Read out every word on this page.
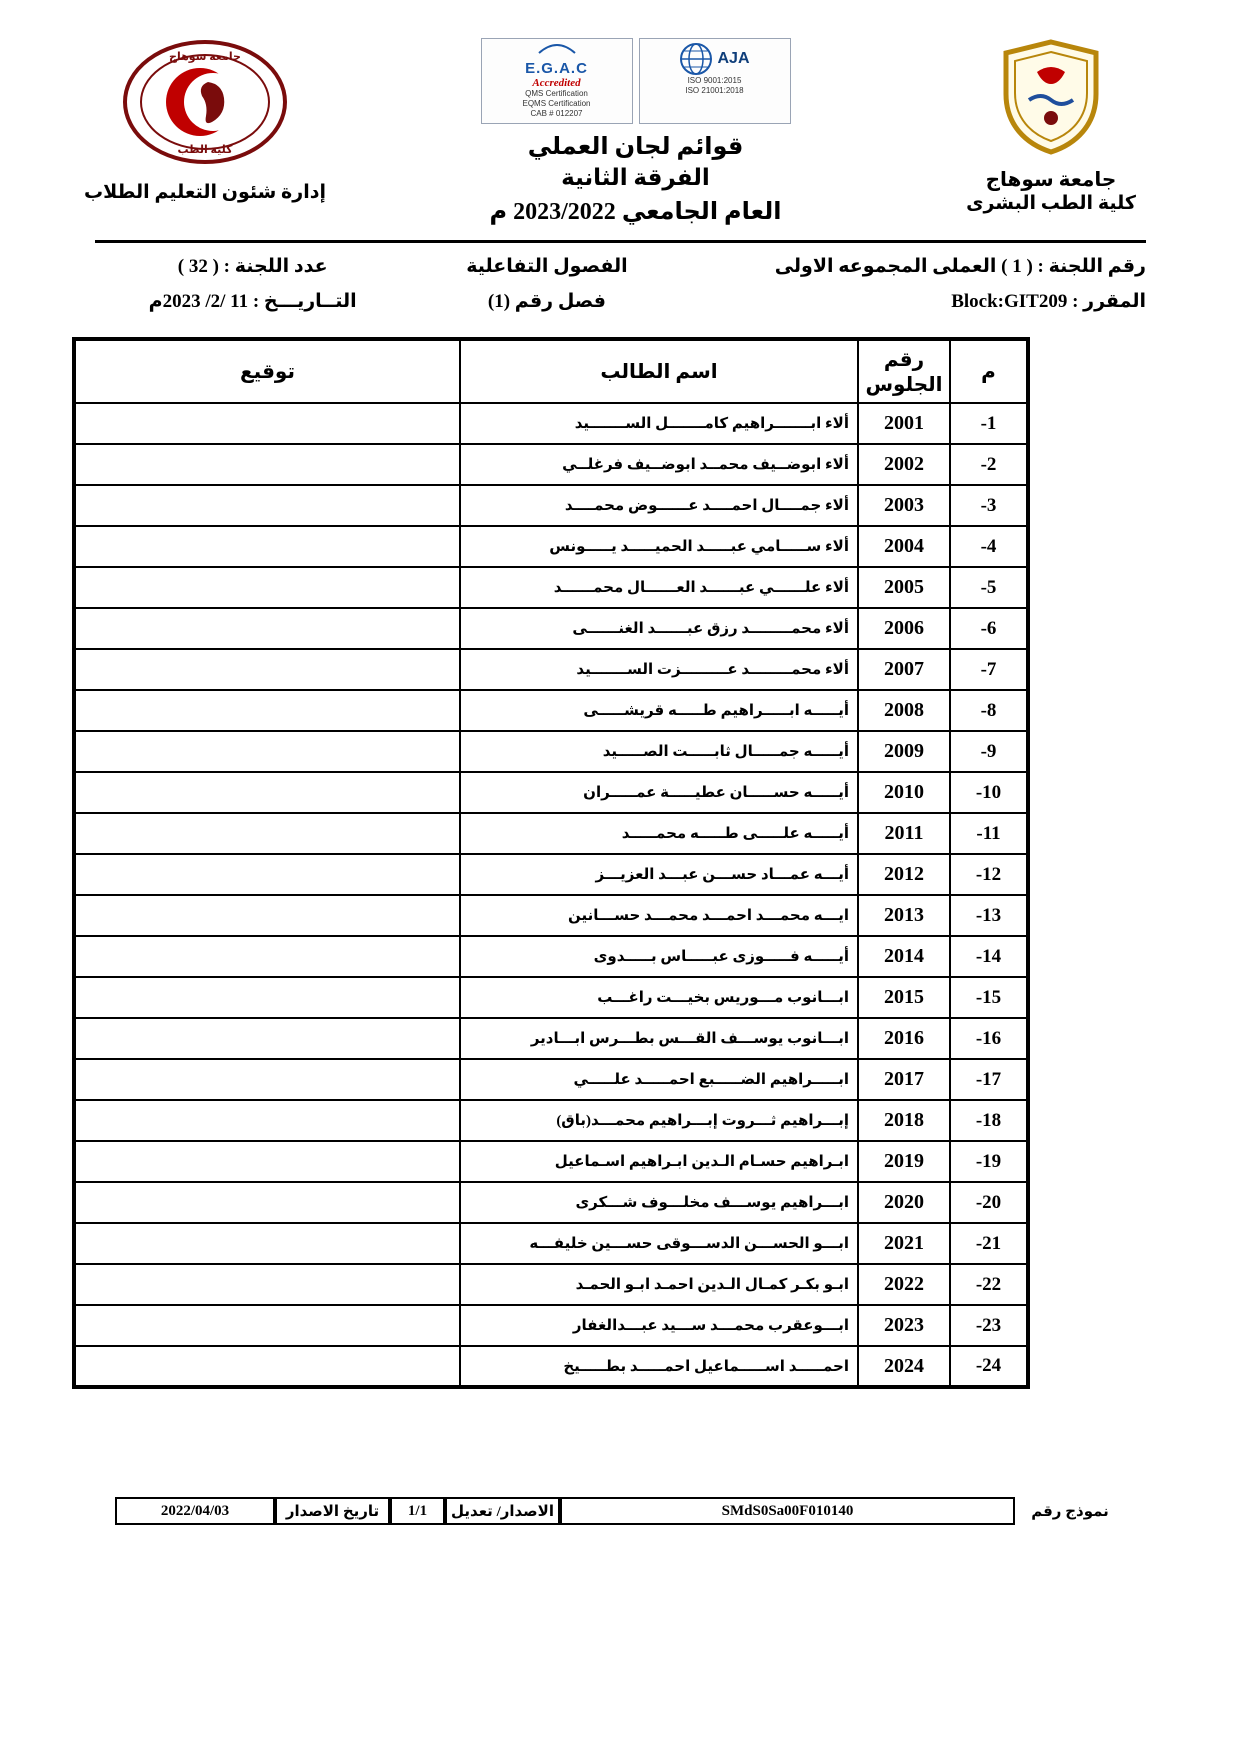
جامعة سوهاج
كلية الطب
إدارة شئون التعليم الطلاب
E.G.A.C
Accredited
QMS Certification
EQMS Certification
CAB # 012207
AJA
ISO 9001:2015
ISO 21001:2018
قوائم لجان العملي
الفرقة الثانية
العام الجامعي 2023/2022 م
جامعة سوهاج
كلية الطب البشرى
رقم اللجنة : ( 1 ) العملى المجموعه الاولى
الفصول التفاعلية
عدد اللجنة : ( 32 )
المقرر : Block:GIT209
فصل رقم (1)
التــاريـــخ : 11 /2/ 2023م
م	رقم الجلوس	اسم الطالب	توقيع
1-	2001	ألاء ابـــــــراهيم كامـــــــل الســـــــيد	
2-	2002	ألاء ابوضــيف محمــد ابوضــيف فرغلــي	
3-	2003	ألاء جمــــال احمــــد عــــــوض محمــــد	
4-	2004	ألاء ســـــامي عبـــــد الحميـــــد يـــــونس	
5-	2005	ألاء علــــــي عبــــــد العــــــال محمــــــد	
6-	2006	ألاء محمــــــــد رزق عبــــــد الغنــــــى	
7-	2007	ألاء محمــــــــد عـــــــــزت الســـــــيد	
8-	2008	أيـــــه ابـــــراهيم طـــــه قريشـــــى	
9-	2009	أيـــــه جمـــــال ثابـــــت الصـــــيد	
10-	2010	أيـــــه حســـــان عطيـــــة عمـــــران	
11-	2011	أيـــــه علـــــى طـــــه محمـــــد	
12-	2012	أيـــه عمـــاد حســـن عبـــد العزيـــز	
13-	2013	ايـــه محمـــد احمـــد محمـــد حســـانين	
14-	2014	أيـــــه فـــــوزى عبـــــاس بـــــدوى	
15-	2015	ابـــانوب مـــوريس بخيـــت راغـــب	
16-	2016	ابـــانوب يوســـف القـــس بطـــرس ابـــادير	
17-	2017	ابـــــراهيم الضـــــبع احمـــــد علـــــي	
18-	2018	إبـــراهيم ثـــروت إبـــراهيم محمـــد(باق)	
19-	2019	ابـراهيم حسـام الـدين ابـراهيم اسـماعيل	
20-	2020	ابـــراهيم يوســـف مخلـــوف شـــكرى	
21-	2021	ابـــو الحســـن الدســـوقى حســـين خليفـــه	
22-	2022	ابـو بكـر كمـال الـدين احمـد ابـو الحمـد	
23-	2023	ابـــوعقرب محمـــد ســـيد عبـــدالغفار	
24-	2024	احمـــــد اســـــماعيل احمـــــد بطـــــيخ	
نموذج رقم
SMdS0Sa00F010140
الاصدار/ تعديل
1/1
تاريخ الاصدار
2022/04/03
